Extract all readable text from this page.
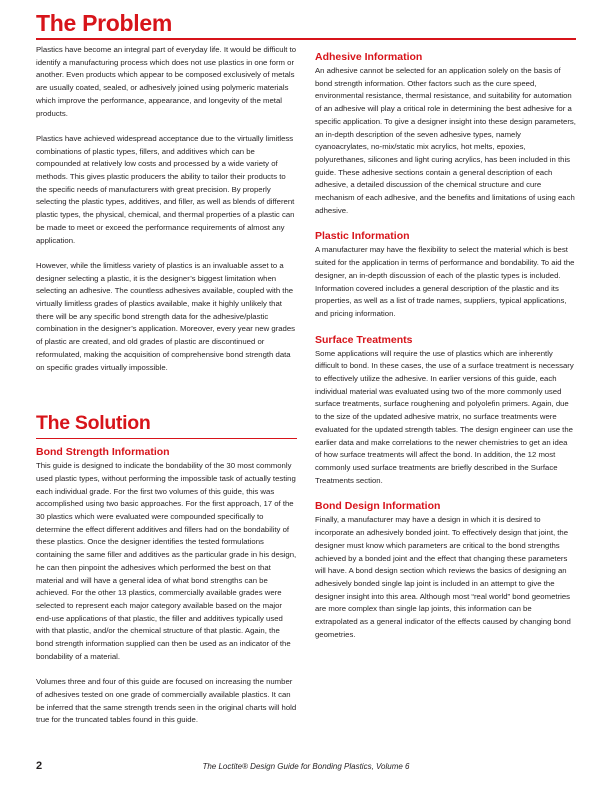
The Problem

Plastics have become an integral part of everyday life. It would be difficult to identify a manufacturing process which does not use plastics in one form or another. Even products which appear to be composed exclusively of metals are usually coated, sealed, or adhesively joined using polymeric materials which improve the performance, appearance, and longevity of the metal products.

Plastics have achieved widespread acceptance due to the virtually limitless combinations of plastic types, fillers, and additives which can be compounded at relatively low costs and processed by a wide variety of methods. This gives plastic producers the ability to tailor their products to the specific needs of manufacturers with great precision. By properly selecting the plastic types, additives, and filler, as well as blends of different plastic types, the physical, chemical, and thermal properties of a plastic can be made to meet or exceed the performance requirements of almost any application.

However, while the limitless variety of plastics is an invaluable asset to a designer selecting a plastic, it is the designer’s biggest limitation when selecting an adhesive. The countless adhesives available, coupled with the virtually limitless grades of plastics available, make it highly unlikely that there will be any specific bond strength data for the adhesive/plastic combination in the designer’s application. Moreover, every year new grades of plastic are created, and old grades of plastic are discontinued or reformulated, making the acquisition of comprehensive bond strength data on specific grades virtually impossible.

The Solution
Bond Strength Information

This guide is designed to indicate the bondability of the 30 most commonly used plastic types, without performing the impossible task of actually testing each individual grade. For the first two volumes of this guide, this was accomplished using two basic approaches. For the first approach, 17 of the 30 plastics which were evaluated were compounded specifically to determine the effect different additives and fillers had on the bondability of these plastics. Once the designer identifies the tested formulations containing the same filler and additives as the particular grade in his design, he can then pinpoint the adhesives which performed the best on that material and will have a general idea of what bond strengths can be achieved. For the other 13 plastics, commercially available grades were selected to represent each major category available based on the major end-use applications of that plastic, the filler and additives typically used with that plastic, and/or the chemical structure of that plastic. Again, the bond strength information supplied can then be used as an indicator of the bondability of a material.

Volumes three and four of this guide are focused on increasing the number of adhesives tested on one grade of commercially available plastics. It can be inferred that the same strength trends seen in the original charts will hold true for the truncated tables found in this guide.

Adhesive Information

An adhesive cannot be selected for an application solely on the basis of bond strength information. Other factors such as the cure speed, environmental resistance, thermal resistance, and suitability for automation of an adhesive will play a critical role in determining the best adhesive for a specific application. To give a designer insight into these design parameters, an in-depth description of the seven adhesive types, namely cyanoacrylates, no-mix/static mix acrylics, hot melts, epoxies, polyurethanes, silicones and light curing acrylics, has been included in this guide. These adhesive sections contain a general description of each adhesive, a detailed discussion of the chemical structure and cure mechanism of each adhesive, and the benefits and limitations of using each adhesive.

Plastic Information

A manufacturer may have the flexibility to select the material which is best suited for the application in terms of performance and bondability. To aid the designer, an in-depth discussion of each of the plastic types is included. Information covered includes a general description of the plastic and its properties, as well as a list of trade names, suppliers, typical applications, and pricing information.

Surface Treatments

Some applications will require the use of plastics which are inherently difficult to bond. In these cases, the use of a surface treatment is necessary to effectively utilize the adhesive. In earlier versions of this guide, each individual material was evaluated using two of the more commonly used surface treatments, surface roughening and polyolefin primers. Again, due to the size of the updated adhesive matrix, no surface treatments were evaluated for the updated strength tables. The design engineer can use the earlier data and make correlations to the newer chemistries to get an idea of how surface treatments will affect the bond. In addition, the 12 most commonly used surface treatments are briefly described in the Surface Treatments section.

Bond Design Information

Finally, a manufacturer may have a design in which it is desired to incorporate an adhesively bonded joint. To effectively design that joint, the designer must know which parameters are critical to the bond strengths achieved by a bonded joint and the effect that changing these parameters will have. A bond design section which reviews the basics of designing an adhesively bonded single lap joint is included in an attempt to give the designer insight into this area. Although most “real world” bond geometries are more complex than single lap joints, this information can be extrapolated as a general indicator of the effects caused by changing bond geometries.

2	The Loctite® Design Guide for Bonding Plastics, Volume 6
